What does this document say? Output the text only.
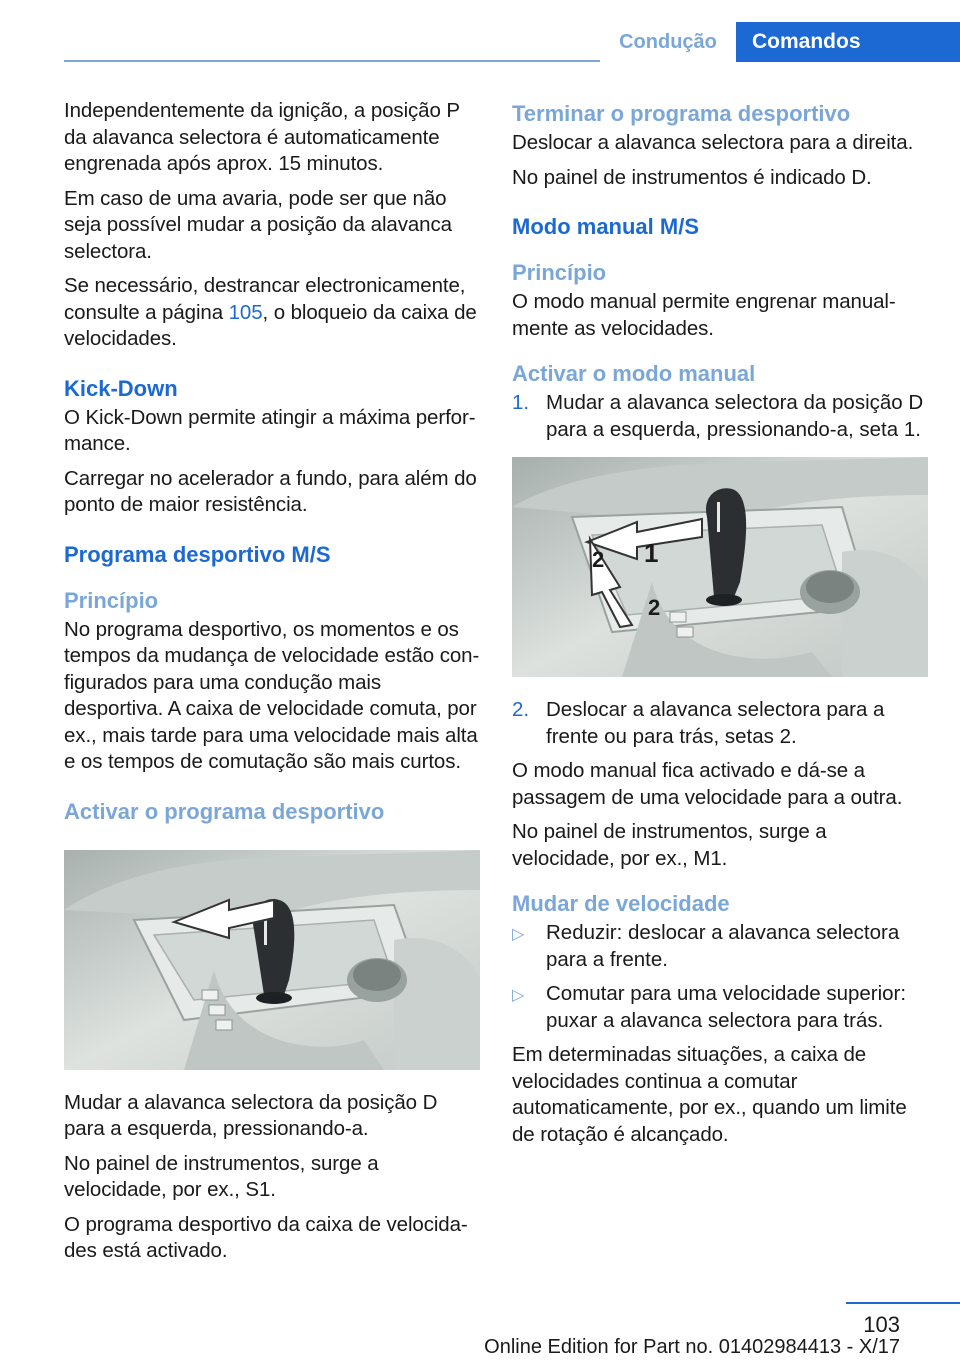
Condução	Comandos

Independentemente da ignição, a posição P da alavanca selectora é automaticamente engrenada após aprox. 15 minutos.

Em caso de uma avaria, pode ser que não seja possível mudar a posição da alavanca selectora.

Se necessário, destrancar electronicamente, consulte a página 105, o bloqueio da caixa de velocidades.

Kick-Down

O Kick-Down permite atingir a máxima performance.

Carregar no acelerador a fundo, para além do ponto de maior resistência.

Programa desportivo M/S
Princípio

No programa desportivo, os momentos e os tempos da mudança de velocidade estão configurados para uma condução mais desportiva. A caixa de velocidade comuta, por ex., mais tarde para uma velocidade mais alta e os tempos de comutação são mais curtos.

Activar o programa desportivo

Mudar a alavanca selectora da posição D para a esquerda, pressionando-a.

No painel de instrumentos, surge a velocidade, por ex., S1.

O programa desportivo da caixa de velocidades está activado.

Terminar o programa desportivo

Deslocar a alavanca selectora para a direita.

No painel de instrumentos é indicado D.

Modo manual M/S
Princípio

O modo manual permite engrenar manualmente as velocidades.

Activar o modo manual
1. Mudar a alavanca selectora da posição D para a esquerda, pressionando-a, seta 1.
1
2
2
2. Deslocar a alavanca selectora para a frente ou para trás, setas 2.

O modo manual fica activado e dá-se a passagem de uma velocidade para a outra.

No painel de instrumentos, surge a velocidade, por ex., M1.

Mudar de velocidade
▷	Reduzir: deslocar a alavanca selectora para a frente.
▷	Comutar para uma velocidade superior: puxar a alavanca selectora para trás.

Em determinadas situações, a caixa de velocidades continua a comutar automaticamente, por ex., quando um limite de rotação é alcançado.

103
Online Edition for Part no. 01402984413 - X/17
